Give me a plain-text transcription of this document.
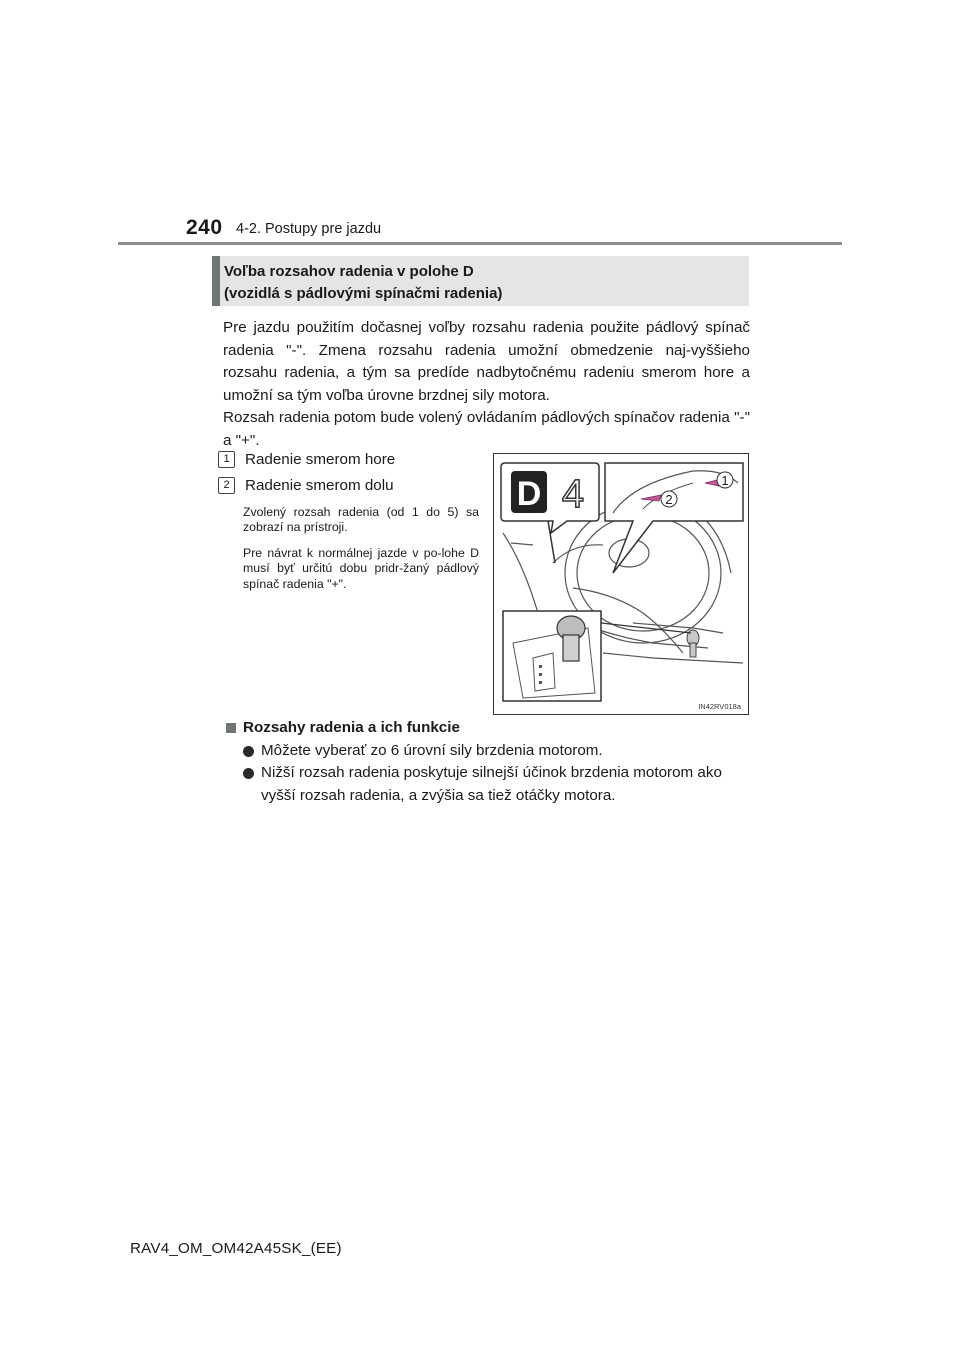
240 4-2. Postupy pre jazdu
Voľba rozsahov radenia v polohe D
(vozidlá s pádlovými spínačmi radenia)
Pre jazdu použitím dočasnej voľby rozsahu radenia použite pádlový spínač radenia "-". Zmena rozsahu radenia umožní obmedzenie naj-vyššieho rozsahu radenia, a tým sa predíde nadbytočnému radeniu smerom hore a umožní sa tým voľba úrovne brzdnej sily motora.
Rozsah radenia potom bude volený ovládaním pádlových spínačov radenia "-" a "+".
1	Radenie smerom hore
2	Radenie smerom dolu
Zvolený rozsah radenia (od 1 do 5) sa zobrazí na prístroji.
Pre návrat k normálnej jazde v po-lohe D musí byť určitú dobu pridr-žaný pádlový spínač radenia "+".
D 4	1
2
IN42RV018a
Rozsahy radenia a ich funkcie
Môžete vyberať zo 6 úrovní sily brzdenia motorom.
Nižší rozsah radenia poskytuje silnejší účinok brzdenia motorom ako vyšší rozsah radenia, a zvýšia sa tiež otáčky motora.
RAV4_OM_OM42A45SK_(EE)
